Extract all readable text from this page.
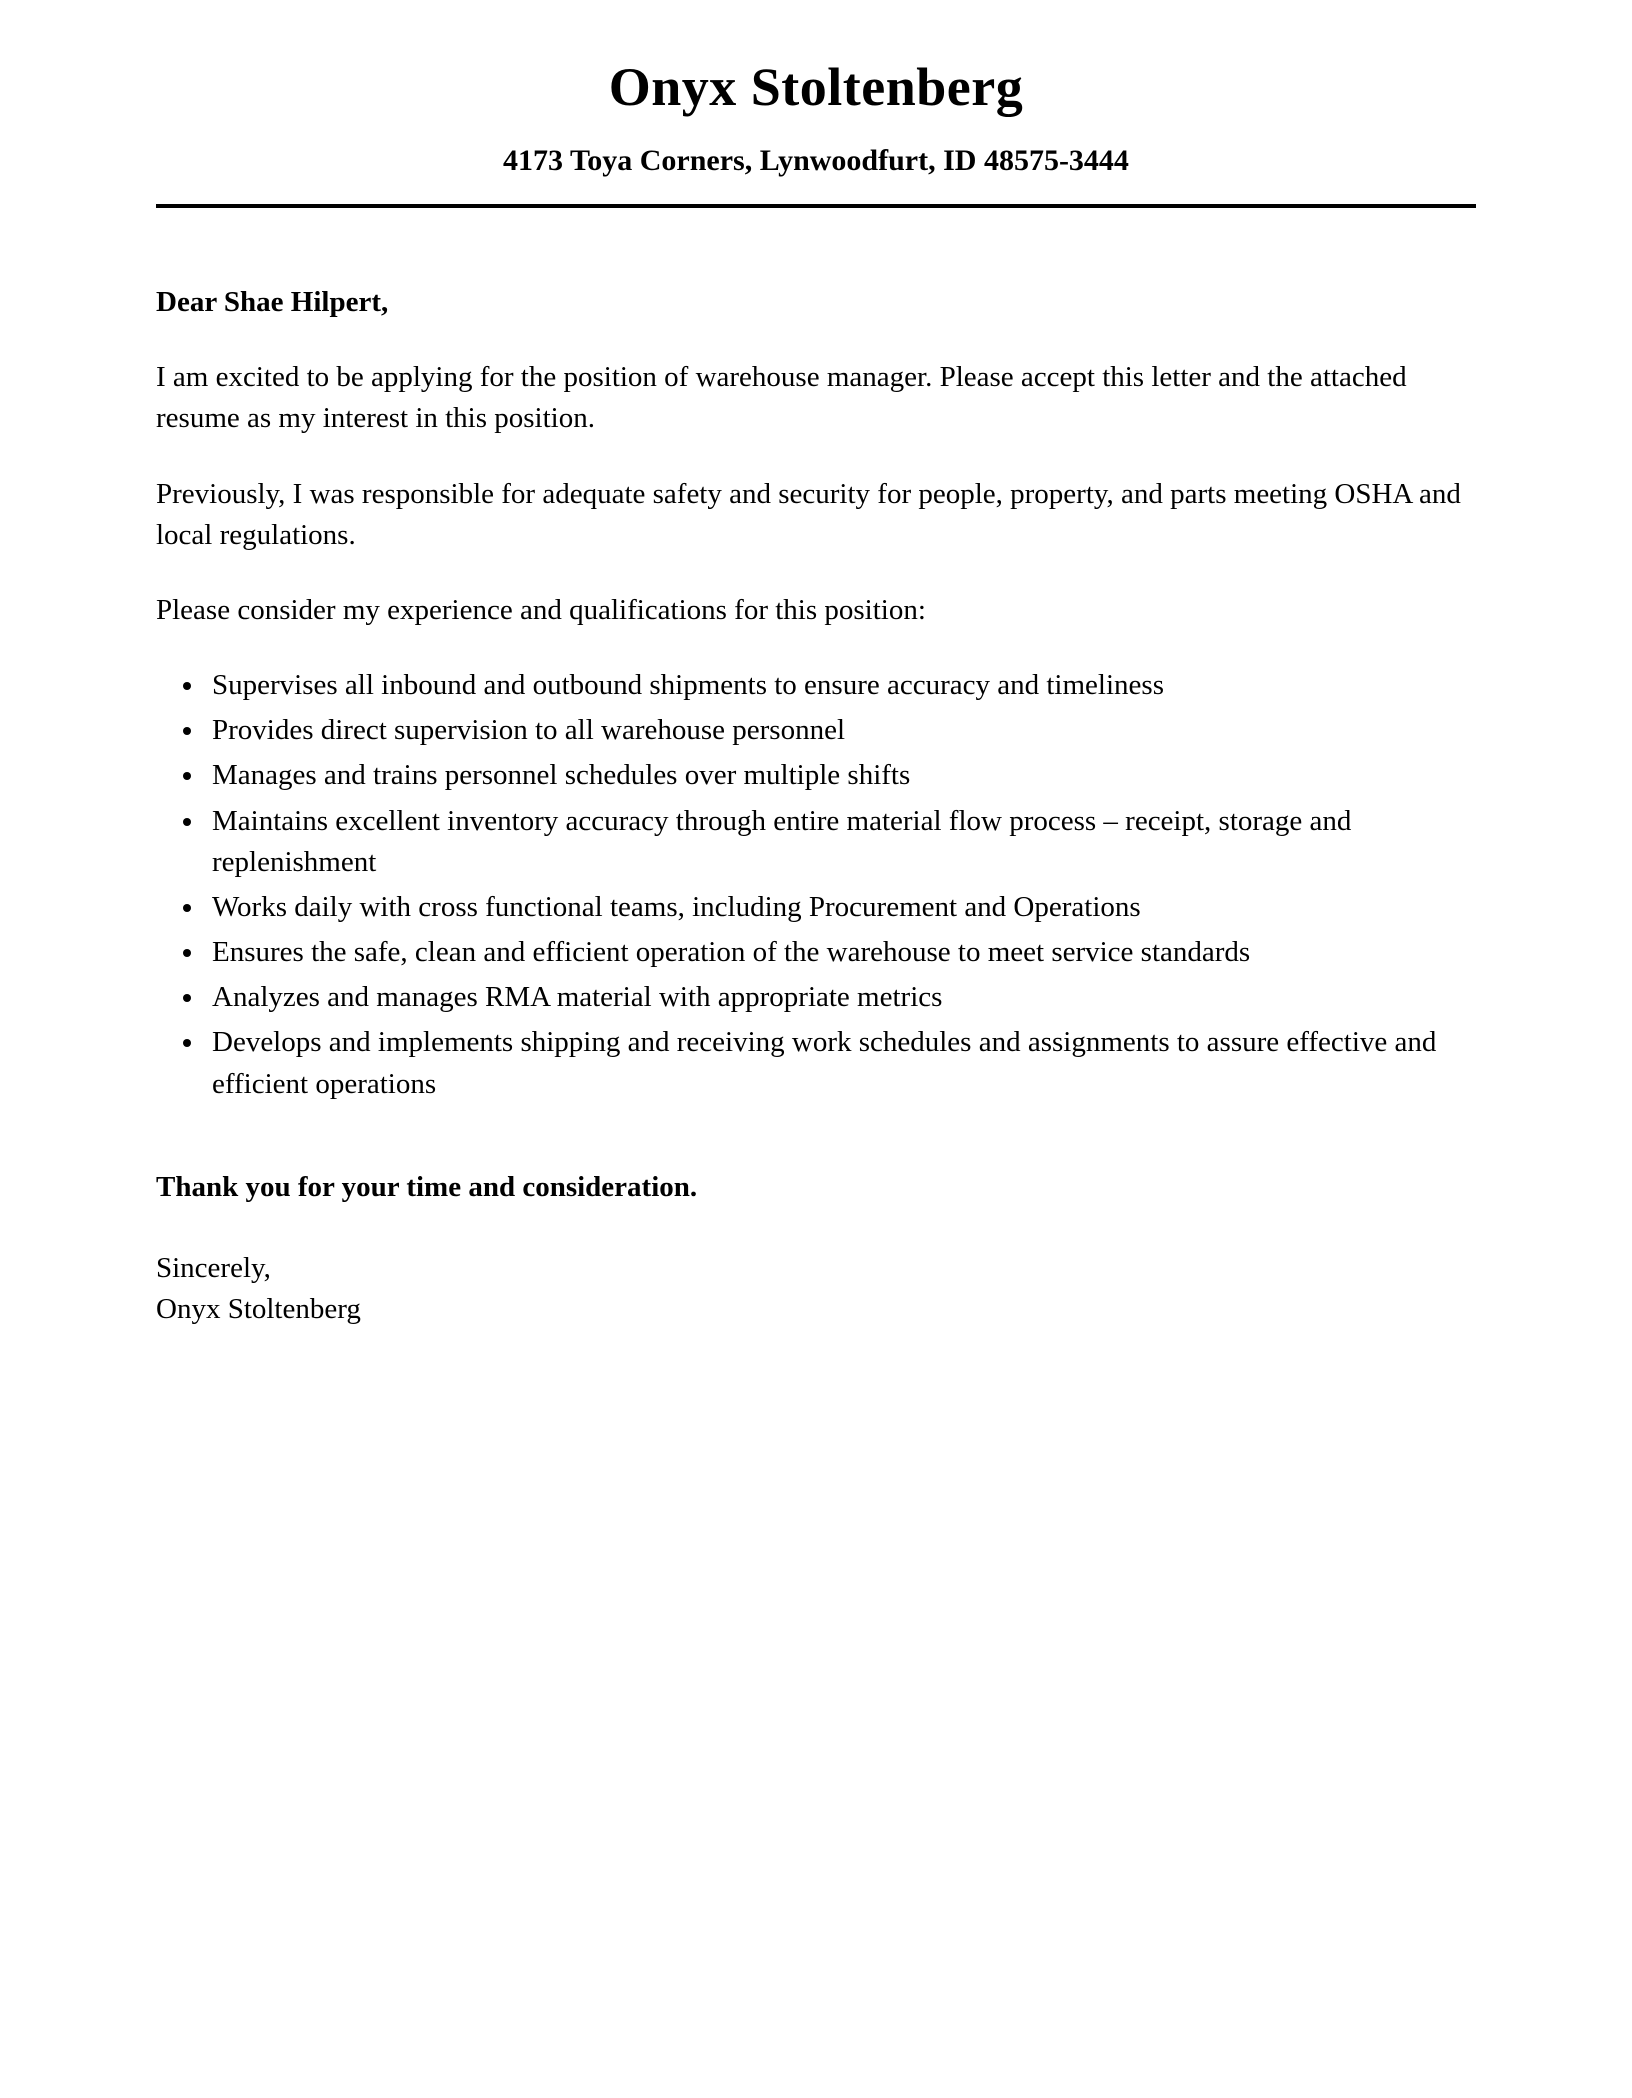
Onyx Stoltenberg
4173 Toya Corners, Lynwoodfurt, ID 48575-3444
Dear Shae Hilpert,

I am excited to be applying for the position of warehouse manager. Please accept this letter and the attached resume as my interest in this position.

Previously, I was responsible for adequate safety and security for people, property, and parts meeting OSHA and local regulations.

Please consider my experience and qualifications for this position:

• Supervises all inbound and outbound shipments to ensure accuracy and timeliness
• Provides direct supervision to all warehouse personnel
• Manages and trains personnel schedules over multiple shifts
• Maintains excellent inventory accuracy through entire material flow process – receipt, storage and replenishment
• Works daily with cross functional teams, including Procurement and Operations
• Ensures the safe, clean and efficient operation of the warehouse to meet service standards
• Analyzes and manages RMA material with appropriate metrics
• Develops and implements shipping and receiving work schedules and assignments to assure effective and efficient operations
Thank you for your time and consideration.
Sincerely,
Onyx Stoltenberg
